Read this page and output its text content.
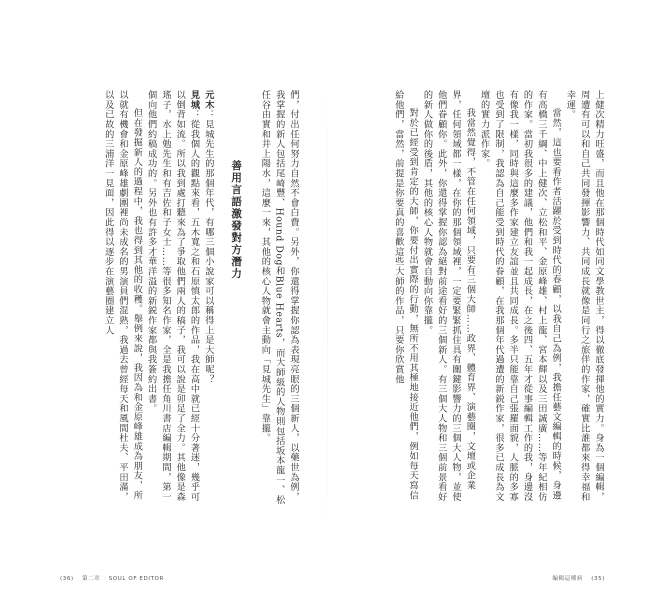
上健次精力旺盛，而且他在那個時代如同文學教世主，得以徹底發揮他的實力。身為一個編輯，周遭有可以和自己共同發揮影響力、共同成長就像是同行之旅伴的作家，確實比誰都來得幸福和幸運。

當然，這也要看作者活躍於受到時代的春顧，以我自己為例，我擔任藝文編輯的時候，身邊有高橋三千綱、中上健次、立松和平、金原峰雄、村上龍、宮本輝以及三田誠廣……等年紀相仿的作家。當初我很多的建議，他們和我一起成長，在之後四、五年才從事編輯工作的我，身邊沒有像我一樣，同時與這麼多作家建立友誼並且共同成長。多半只能靠自己張羅面貌，人脈的多寡也受到了限制，我認為自己能受到時代的眷顧，在我那個年代過遭的新鋭作家，很多已成長為文壇的實力派作家。

我當然覺得，不管在任何領域，只要有三個大師……政界、體育界、演藝圈，文壇或企業界，任何領域都一樣，在你的那個領域裡，一定要緊緊抓住具有關鍵影響力的三個大人物，並使他們眷顧你。此外，你還得掌握你認為絕對前途看好的三個新人。有三個大人物和三個前景看好的新人做你的後盾，其他的核心人物就會自動向你靠攏。

對於已經受到肯定的大師，你要付出實際的行動，無所不用其極地接近他們，例如每天寫信給他們，當然，前提是你要真的喜歡這些大師的作品，只要你欣賞他

們，付出任何努力自然不會白費。另外，你還得掌握你認為表現亮眼的三個新人，以藥世為例，我掌握的新人包括尾崎豐、Hound Dog和Blue Hearts，而大師級的人物則包括坂本龍一、松任谷由實和井上陽水，這麼一來，其他的核心人物就會主動向「見城先生」靠攏。

善用言語激發對方潛力

元木：見城先生的那個年代，有哪三個小說家可以稱得上是大師呢？

見城：從我個人的觀點來看，五木寬之和石原慎太郎的作品，我在高中就已經十分著迷，幾乎可以倒背如流。所以我到處打聽來為了爭取他們兩人的稿子，我可以說是卯足了全力。其他像是森瑤子，水上勉先生和有吉佐和子女士……等很多知名作家，全是我擔任角川書店編輯期間，第一個向他們約稿成功的。另外也有許多才華洋溢的新鋭作家都與我簽約出書。

但在發掘新人的過程中，我也得到其他的收穫。舉例來說，我因為和金原峰雄成為朋友，所以就有機會和金原峰雄劇團裡尚未成名的男演員們混熟，我過去曾經每天和風間杜夫、平田滿，以及已故的三浦洋一見面，因此得以逐步在演藝圈建立人

(36) 第二章 SOUL OF EDITOR	編輯這種病 (35)
